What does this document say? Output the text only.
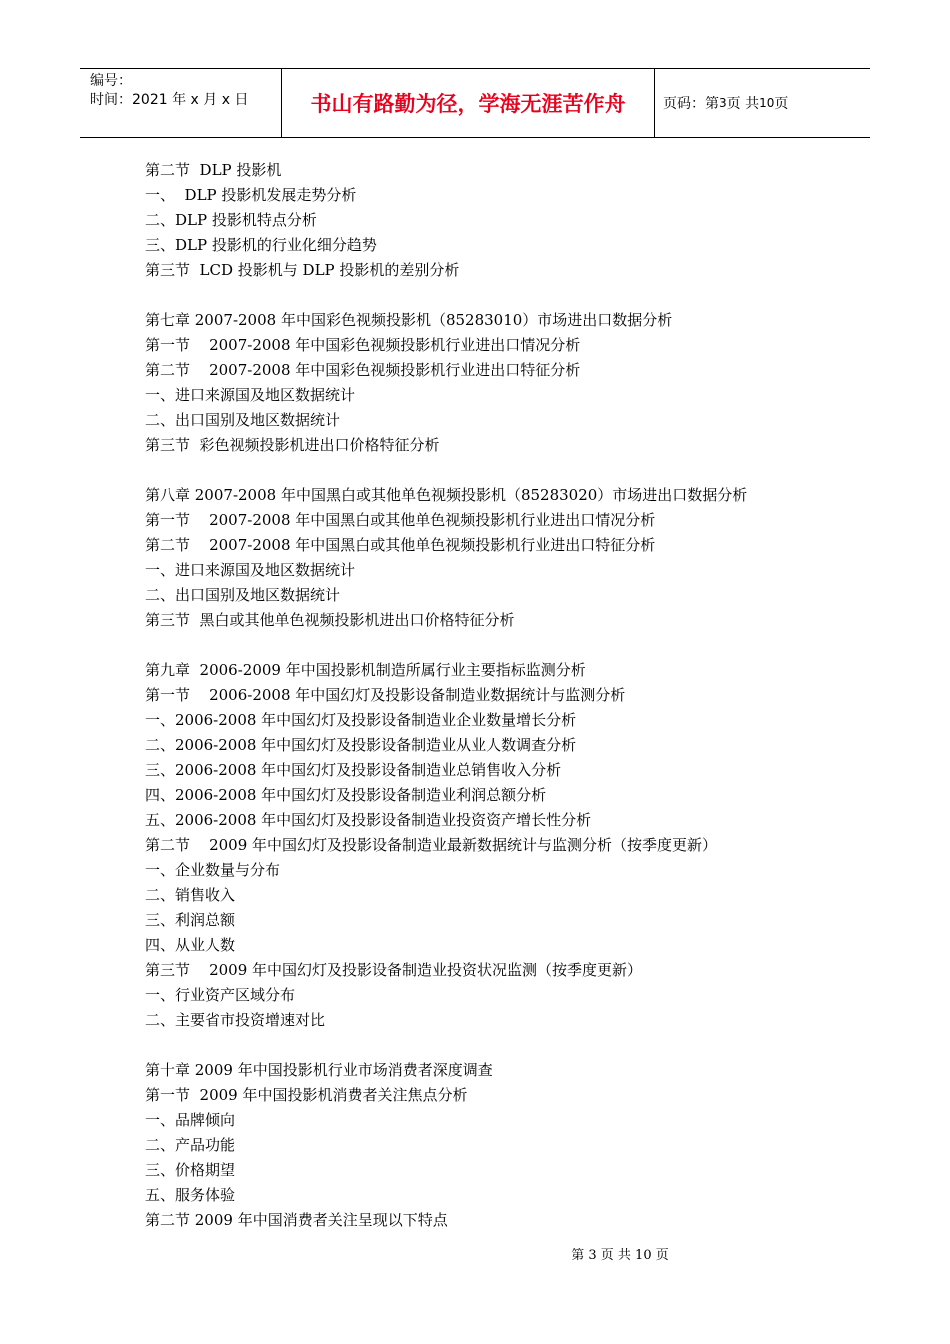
编号：
时间：2021 年 x 月 x 日	书山有路勤为径，学海无涯苦作舟	页码：第 3 页 共 10 页
第二节  DLP 投影机
一、  DLP 投影机发展走势分析
二、DLP 投影机特点分析
三、DLP 投影机的行业化细分趋势
第三节  LCD 投影机与 DLP 投影机的差别分析
第七章 2007-2008 年中国彩色视频投影机（85283010）市场进出口数据分析
第一节    2007-2008 年中国彩色视频投影机行业进出口情况分析
第二节    2007-2008 年中国彩色视频投影机行业进出口特征分析
一、进口来源国及地区数据统计
二、出口国别及地区数据统计
第三节  彩色视频投影机进出口价格特征分析
第八章 2007-2008 年中国黑白或其他单色视频投影机（85283020）市场进出口数据分析
第一节    2007-2008 年中国黑白或其他单色视频投影机行业进出口情况分析
第二节    2007-2008 年中国黑白或其他单色视频投影机行业进出口特征分析
一、进口来源国及地区数据统计
二、出口国别及地区数据统计
第三节  黑白或其他单色视频投影机进出口价格特征分析
第九章  2006-2009 年中国投影机制造所属行业主要指标监测分析
第一节    2006-2008 年中国幻灯及投影设备制造业数据统计与监测分析
一、2006-2008 年中国幻灯及投影设备制造业企业数量增长分析
二、2006-2008 年中国幻灯及投影设备制造业从业人数调查分析
三、2006-2008 年中国幻灯及投影设备制造业总销售收入分析
四、2006-2008 年中国幻灯及投影设备制造业利润总额分析
五、2006-2008 年中国幻灯及投影设备制造业投资资产增长性分析
第二节    2009 年中国幻灯及投影设备制造业最新数据统计与监测分析（按季度更新）
一、企业数量与分布
二、销售收入
三、利润总额
四、从业人数
第三节    2009 年中国幻灯及投影设备制造业投资状况监测（按季度更新）
一、行业资产区域分布
二、主要省市投资增速对比
第十章 2009 年中国投影机行业市场消费者深度调查
第一节  2009 年中国投影机消费者关注焦点分析
一、品牌倾向
二、产品功能
三、价格期望
五、服务体验
第二节 2009 年中国消费者关注呈现以下特点
第 3 页 共 10 页
